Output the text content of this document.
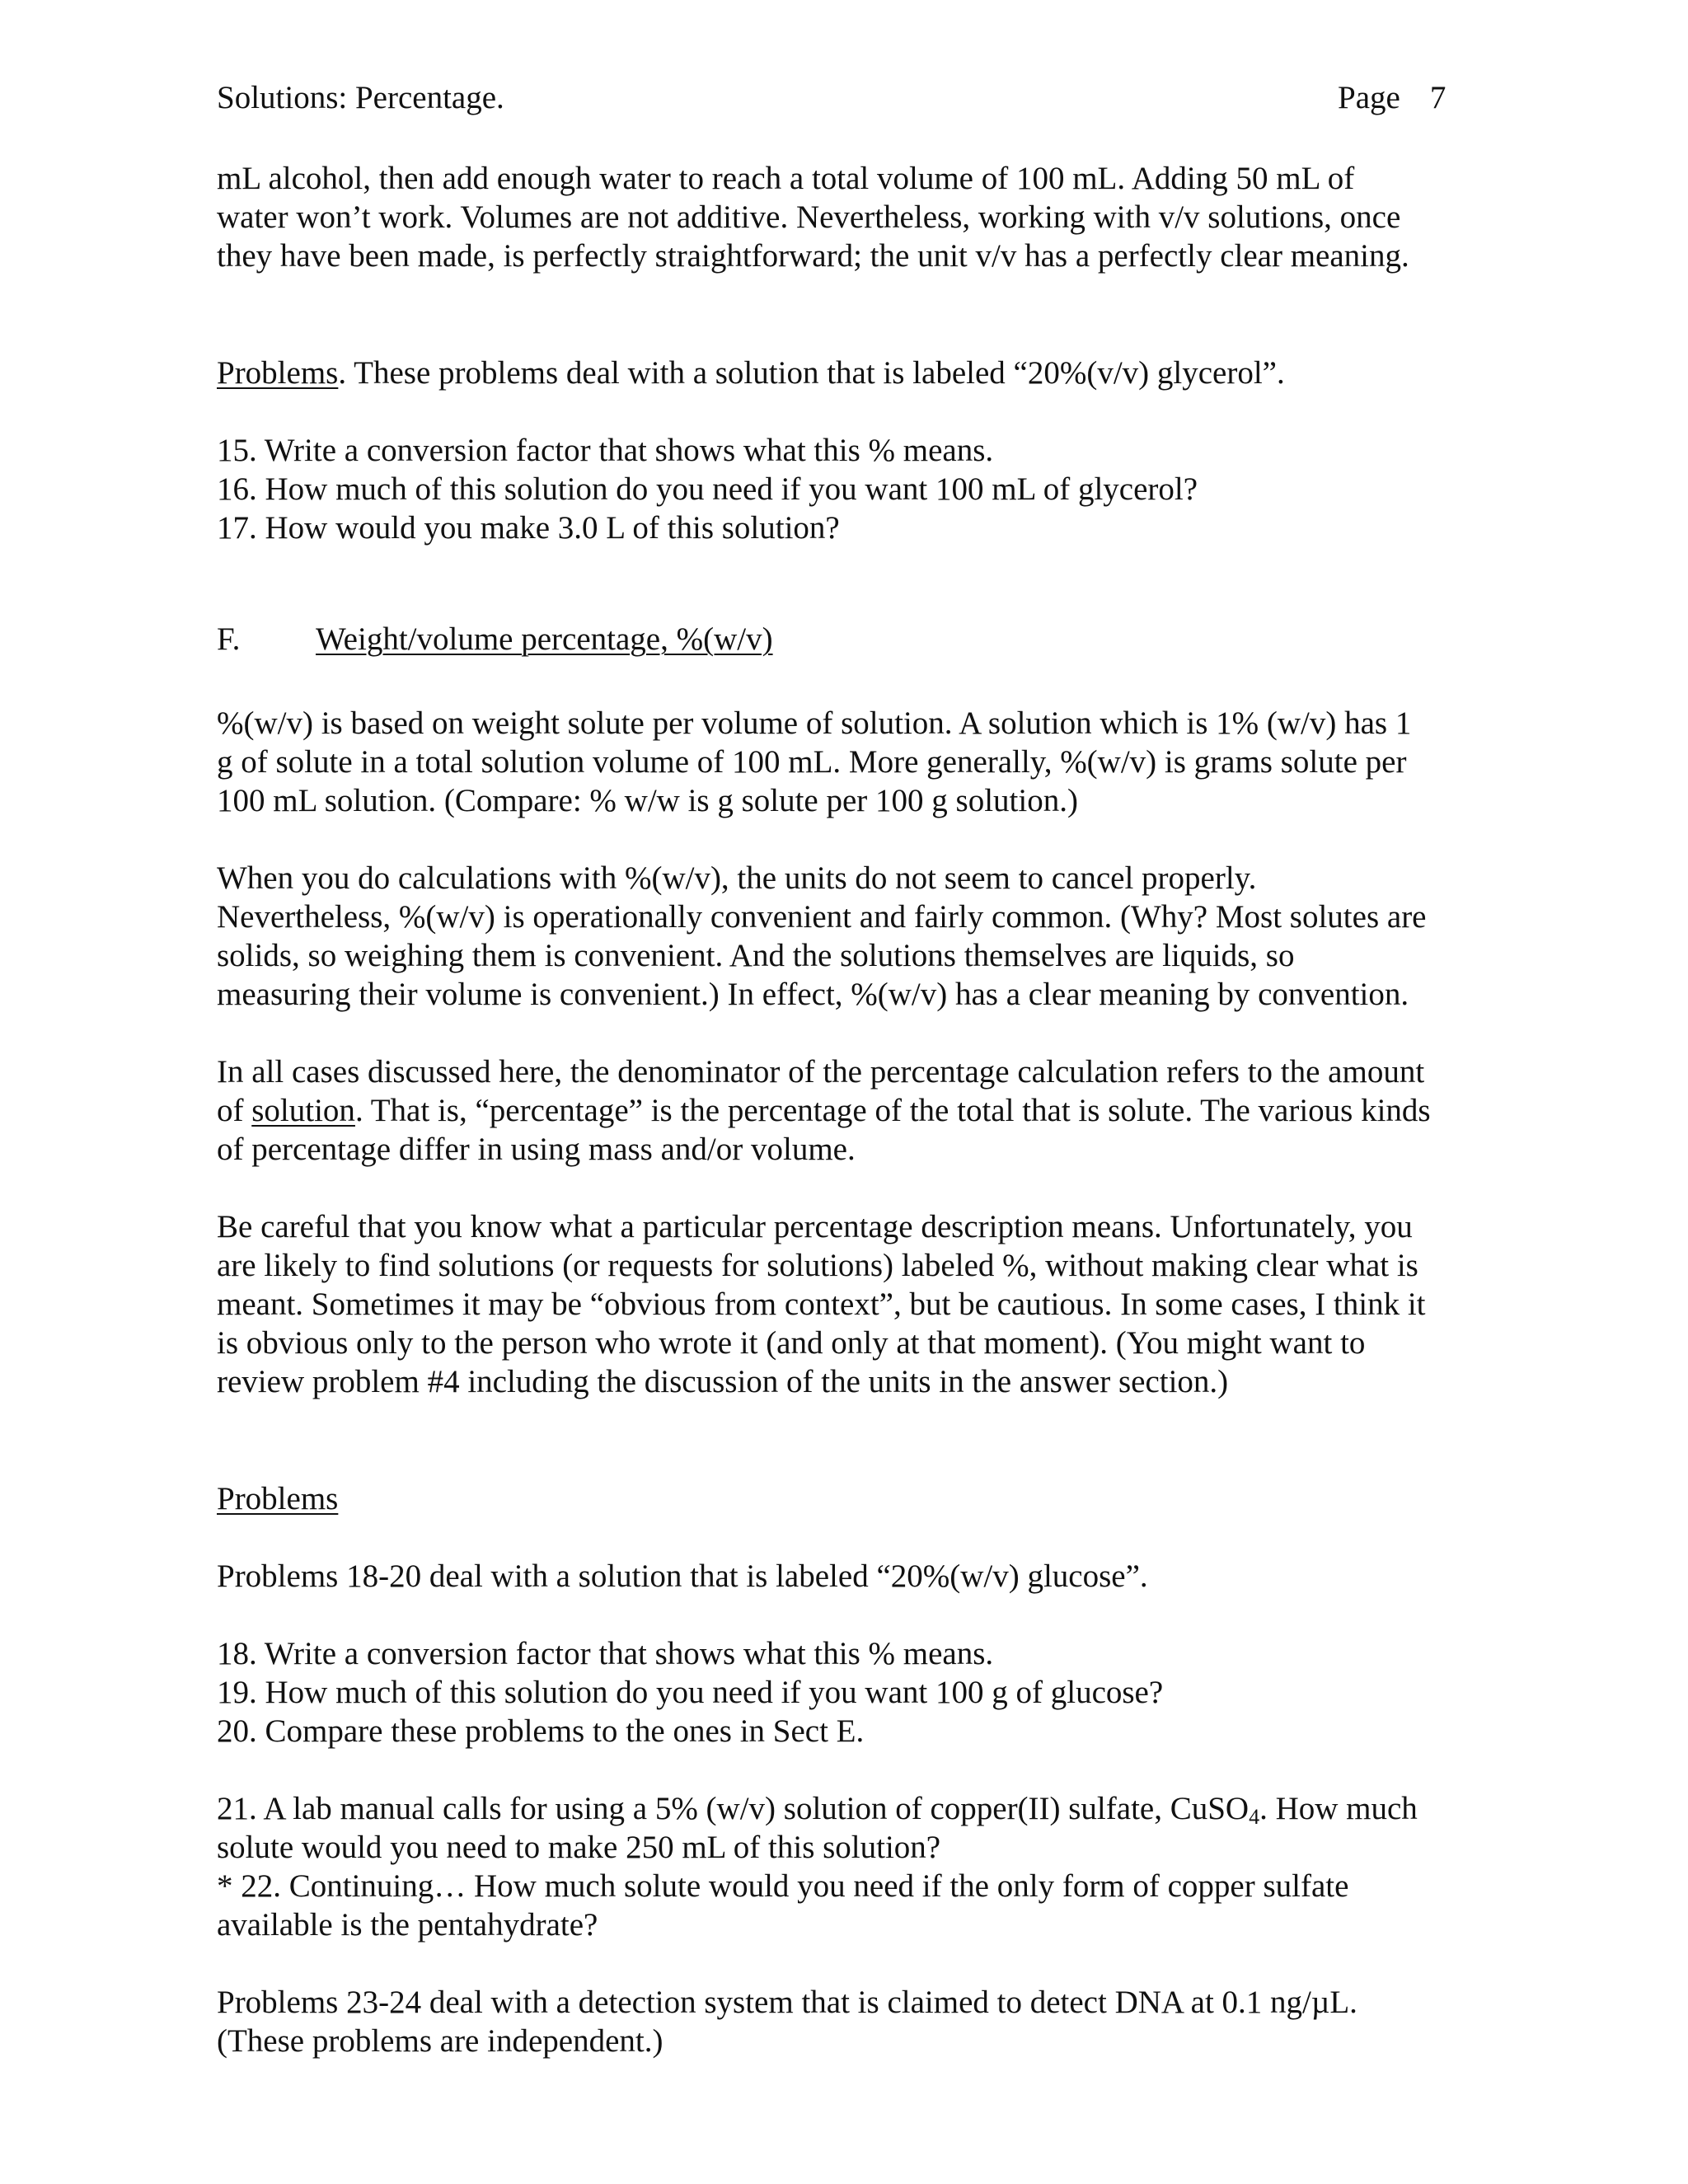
Solutions: Percentage.	Page 7
mL alcohol, then add enough water to reach a total volume of 100 mL. Adding 50 mL of
water won’t work. Volumes are not additive. Nevertheless, working with v/v solutions, once
they have been made, is perfectly straightforward; the unit v/v has a perfectly clear meaning.
Problems. These problems deal with a solution that is labeled “20%(v/v) glycerol”.
15. Write a conversion factor that shows what this % means.
16. How much of this solution do you need if you want 100 mL of glycerol?
17. How would you make 3.0 L of this solution?
F. Weight/volume percentage, %(w/v)
%(w/v) is based on weight solute per volume of solution. A solution which is 1% (w/v) has 1
g of solute in a total solution volume of 100 mL. More generally, %(w/v) is grams solute per
100 mL solution. (Compare: % w/w is g solute per 100 g solution.)
When you do calculations with %(w/v), the units do not seem to cancel properly.
Nevertheless, %(w/v) is operationally convenient and fairly common. (Why? Most solutes are
solids, so weighing them is convenient. And the solutions themselves are liquids, so
measuring their volume is convenient.) In effect, %(w/v) has a clear meaning by convention.
In all cases discussed here, the denominator of the percentage calculation refers to the amount
of solution. That is, “percentage” is the percentage of the total that is solute. The various kinds
of percentage differ in using mass and/or volume.
Be careful that you know what a particular percentage description means. Unfortunately, you
are likely to find solutions (or requests for solutions) labeled %, without making clear what is
meant. Sometimes it may be “obvious from context”, but be cautious. In some cases, I think it
is obvious only to the person who wrote it (and only at that moment). (You might want to
review problem #4 including the discussion of the units in the answer section.)
Problems
Problems 18-20 deal with a solution that is labeled “20%(w/v) glucose”.
18. Write a conversion factor that shows what this % means.
19. How much of this solution do you need if you want 100 g of glucose?
20. Compare these problems to the ones in Sect E.
21. A lab manual calls for using a 5% (w/v) solution of copper(II) sulfate, CuSO$_4$. How much
solute would you need to make 250 mL of this solution?
* 22. Continuing… How much solute would you need if the only form of copper sulfate
available is the pentahydrate?
Problems 23-24 deal with a detection system that is claimed to detect DNA at 0.1 ng/µL.
(These problems are independent.)
